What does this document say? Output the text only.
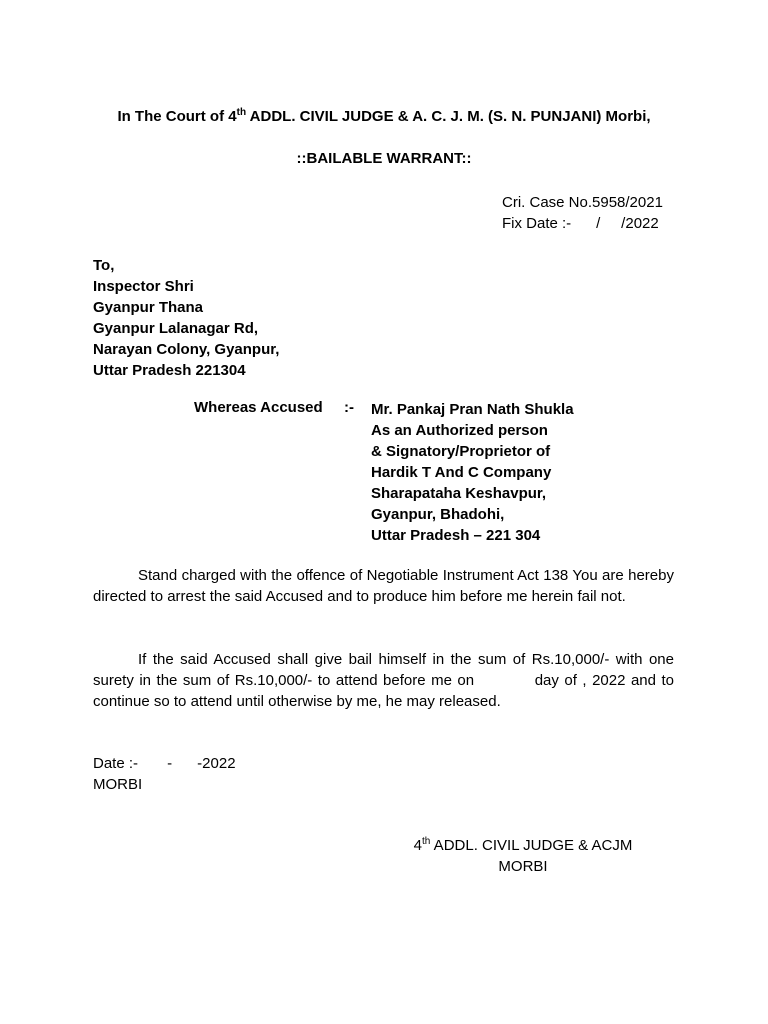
In The Court of 4th ADDL. CIVIL JUDGE & A. C. J. M. (S. N. PUNJANI) Morbi,
::BAILABLE WARRANT::
Cri. Case No.5958/2021
Fix Date :-      /     /2022
To,
Inspector Shri
Gyanpur Thana
Gyanpur Lalanagar Rd,
Narayan Colony, Gyanpur,
Uttar Pradesh 221304
Whereas Accused :- Mr. Pankaj Pran Nath Shukla
As an Authorized person
& Signatory/Proprietor of
Hardik T And C Company
Sharapataha Keshavpur,
Gyanpur, Bhadohi,
Uttar Pradesh – 221 304
Stand charged with the offence of Negotiable Instrument Act 138 You are hereby directed to arrest the said Accused and to produce him before me herein fail not.
If the said Accused shall give bail himself in the sum of Rs.10,000/- with one surety in the sum of Rs.10,000/- to attend before me on           day of , 2022 and to continue so to attend until otherwise by me, he may released.
Date :-       -      -2022
MORBI
4th ADDL. CIVIL JUDGE & ACJM
MORBI
